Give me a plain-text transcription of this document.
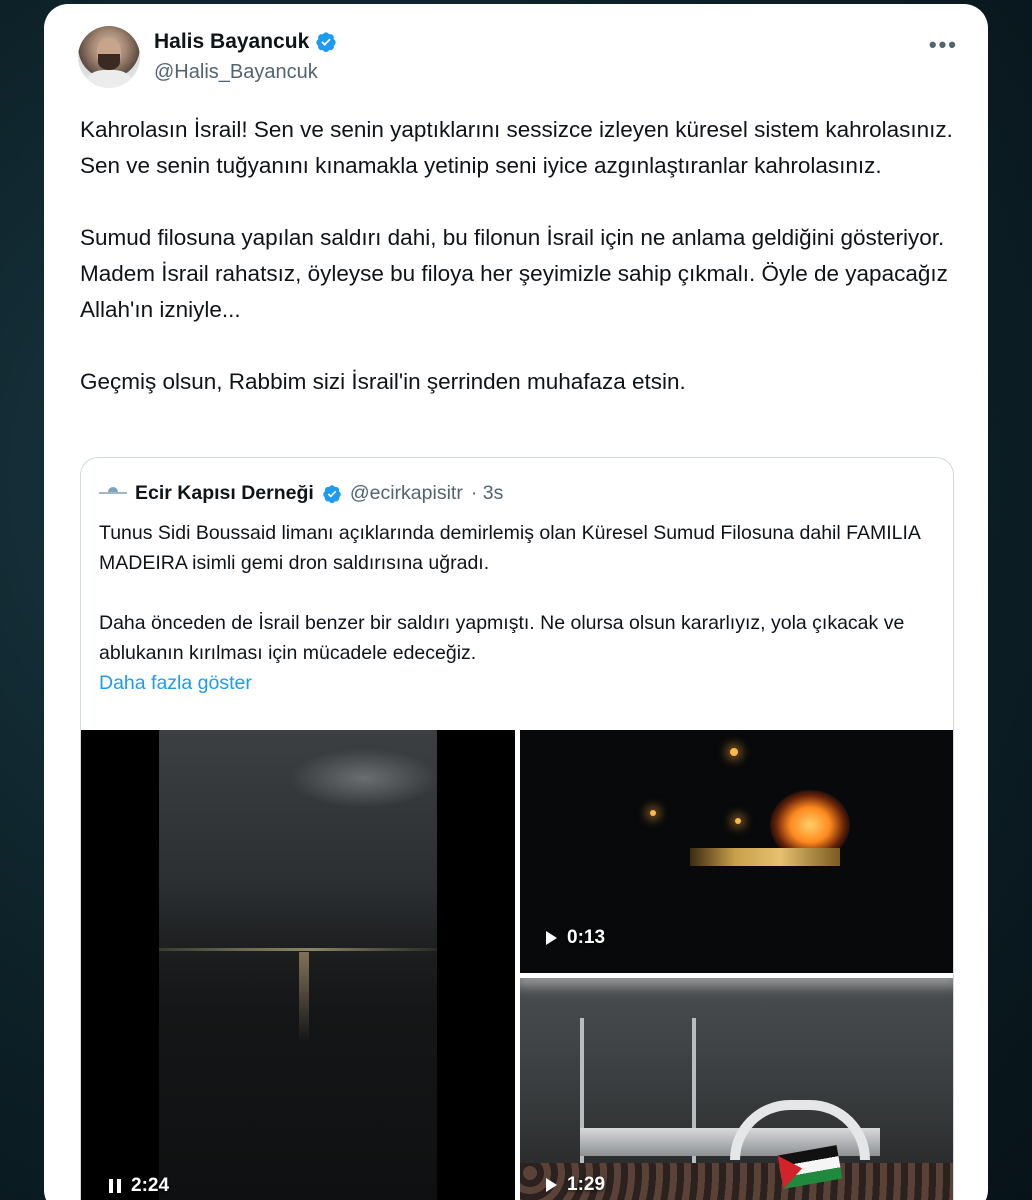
Halis Bayancuk
@Halis_Bayancuk
•••

Kahrolasın İsrail! Sen ve senin yaptıklarını sessizce izleyen küresel sistem kahrolasınız. Sen ve senin tuğyanını kınamakla yetinip seni iyice azgınlaştıranlar kahrolasınız.

Sumud filosuna yapılan saldırı dahi, bu filonun İsrail için ne anlama geldiğini gösteriyor. Madem İsrail rahatsız, öyleyse bu filoya her şeyimizle sahip çıkmalı. Öyle de yapacağız Allah'ın izniyle...

Geçmiş olsun, Rabbim sizi İsrail'in şerrinden muhafaza etsin.

Ecir Kapısı Derneği @ecirkapisitr · 3s

Tunus Sidi Boussaid limanı açıklarında demirlemiş olan Küresel Sumud Filosuna dahil FAMILIA MADEIRA isimli gemi dron saldırısına uğradı.

Daha önceden de İsrail benzer bir saldırı yapmıştı. Ne olursa olsun kararlıyız, yola çıkacak ve ablukanın kırılması için mücadele edeceğiz.

Daha fazla göster

2:24
0:13
1:29
